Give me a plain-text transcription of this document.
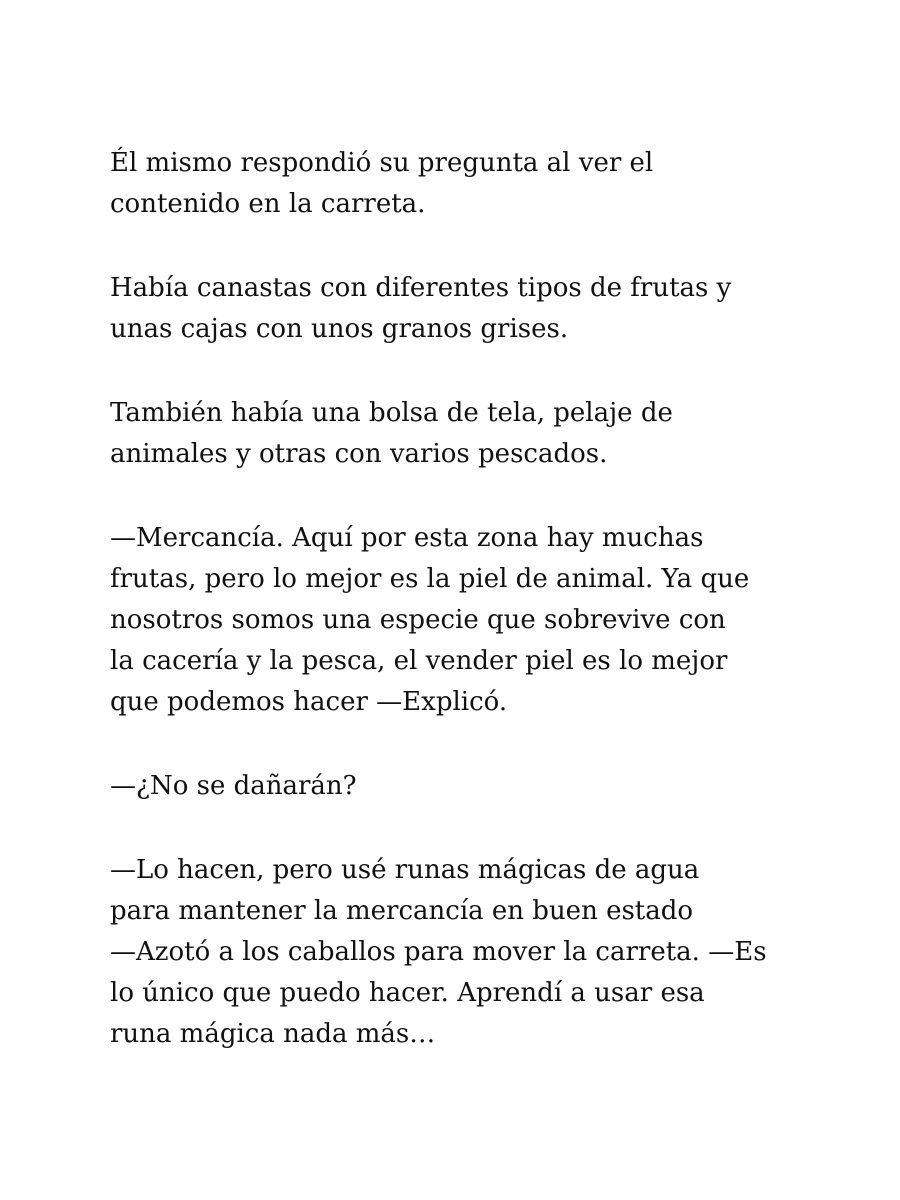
Él mismo respondió su pregunta al ver el
contenido en la carreta.

Había canastas con diferentes tipos de frutas y
unas cajas con unos granos grises.

También había una bolsa de tela, pelaje de
animales y otras con varios pescados.

—Mercancía. Aquí por esta zona hay muchas
frutas, pero lo mejor es la piel de animal. Ya que
nosotros somos una especie que sobrevive con
la cacería y la pesca, el vender piel es lo mejor
que podemos hacer —Explicó.

—¿No se dañarán?

—Lo hacen, pero usé runas mágicas de agua
para mantener la mercancía en buen estado
—Azotó a los caballos para mover la carreta. —Es
lo único que puedo hacer. Aprendí a usar esa
runa mágica nada más…
